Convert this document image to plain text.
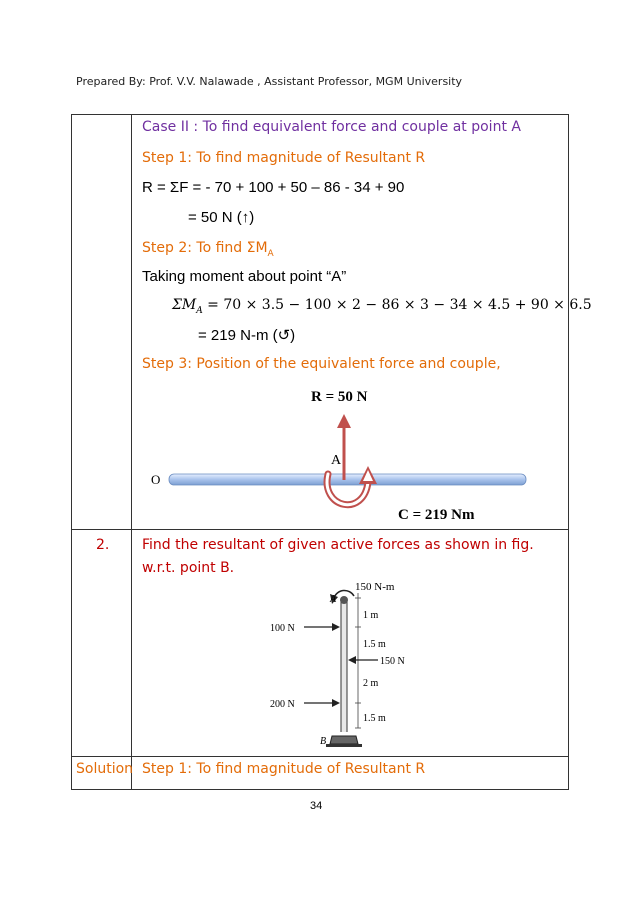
Prepared By: Prof. V.V. Nalawade , Assistant Professor, MGM University
Case II : To find equivalent force and couple at point A
Step 1: To find magnitude of Resultant R
R = ΣF = - 70 + 100 + 50 – 86 - 34 + 90
= 50 N (↑)
Step 2: To find $\Sigma M_A$
Taking moment about point “A”
$\Sigma M_A = 70 \times 3.5 - 100 \times 2 - 86 \times 3 - 34 \times 4.5 + 90 \times 6.5$
= 219 N-m (↺)
Step 3: Position of the equivalent force and couple,
R = 50 N
A
O
C = 219 Nm
2. Find the resultant of given active forces as shown in fig.
w.r.t. point B.
150 N-m
A
1 m
1.5 m
2 m
1.5 m
100 N
150 N
200 N
B
Solution Step 1: To find magnitude of Resultant R
34
